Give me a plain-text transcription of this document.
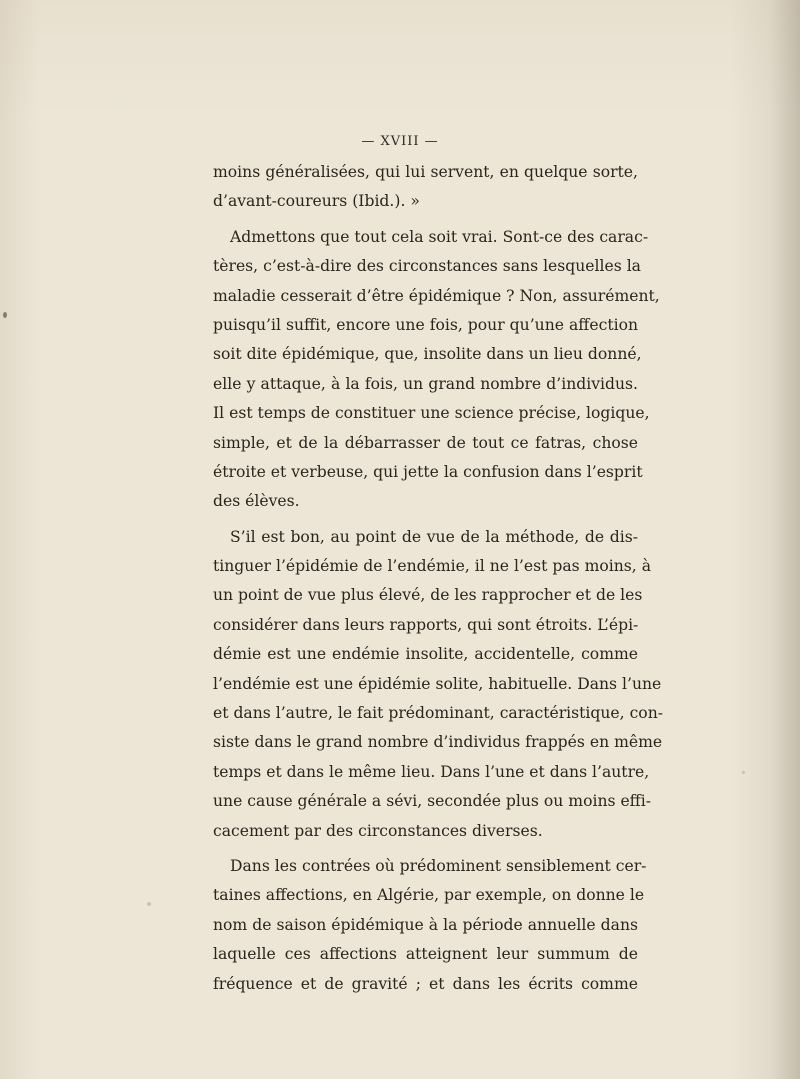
— XVIII —
moins généralisées, qui lui servent, en quelque sorte,
d’avant-coureurs (Ibid.). »
Admettons que tout cela soit vrai. Sont-ce des carac-
tères, c’est-à-dire des circonstances sans lesquelles la
maladie cesserait d’être épidémique ? Non, assurément,
puisqu’il suffit, encore une fois, pour qu’une affection
soit dite épidémique, que, insolite dans un lieu donné,
elle y attaque, à la fois, un grand nombre d’individus.
Il est temps de constituer une science précise, logique,
simple, et de la débarrasser de tout ce fatras, chose
étroite et verbeuse, qui jette la confusion dans l’esprit
des élèves.
S’il est bon, au point de vue de la méthode, de dis-
tinguer l’épidémie de l’endémie, il ne l’est pas moins, à
un point de vue plus élevé, de les rapprocher et de les
considérer dans leurs rapports, qui sont étroits. L’épi-
démie est une endémie insolite, accidentelle, comme
l’endémie est une épidémie solite, habituelle. Dans l’une
et dans l’autre, le fait prédominant, caractéristique, con-
siste dans le grand nombre d’individus frappés en même
temps et dans le même lieu. Dans l’une et dans l’autre,
une cause générale a sévi, secondée plus ou moins effi-
cacement par des circonstances diverses.
Dans les contrées où prédominent sensiblement cer-
taines affections, en Algérie, par exemple, on donne le
nom de saison épidémique à la période annuelle dans
laquelle ces affections atteignent leur summum de
fréquence et de gravité ; et dans les écrits comme
